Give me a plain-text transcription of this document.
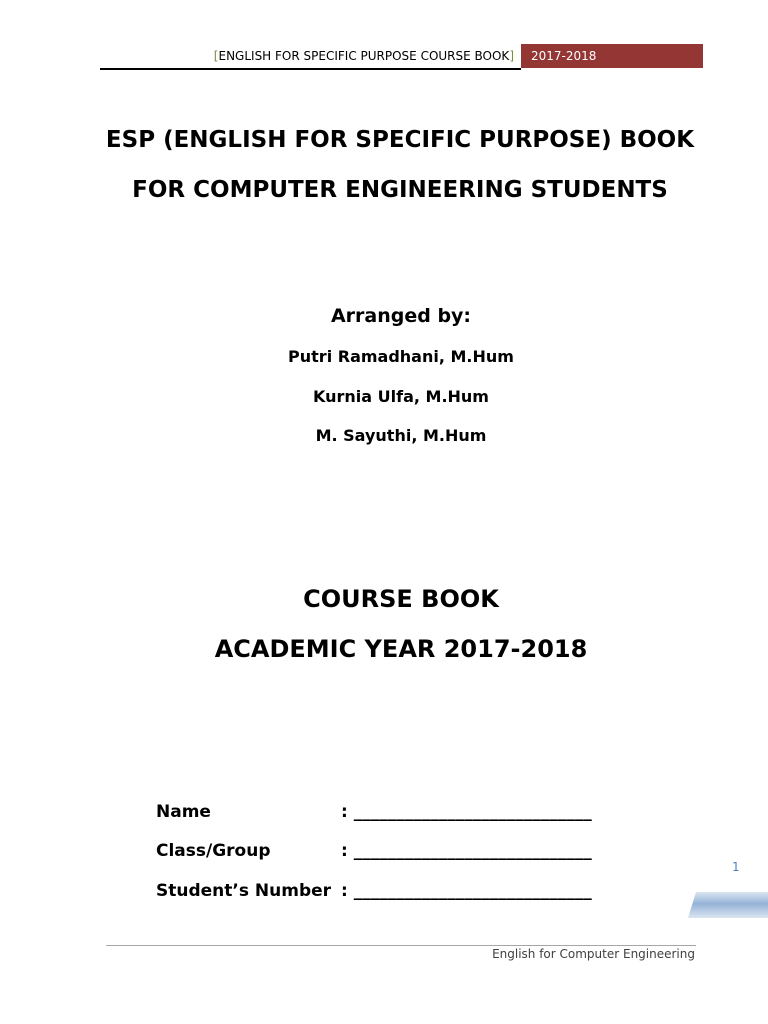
[ENGLISH FOR SPECIFIC PURPOSE COURSE BOOK]	2017-2018
ESP (ENGLISH FOR SPECIFIC PURPOSE) BOOK
FOR COMPUTER ENGINEERING STUDENTS
Arranged by:
Putri Ramadhani, M.Hum
Kurnia Ulfa, M.Hum
M. Sayuthi, M.Hum
COURSE BOOK
ACADEMIC YEAR 2017-2018
Name	: ____________________________
Class/Group	: ____________________________
Student’s Number : ____________________________
1
English for Computer Engineering
